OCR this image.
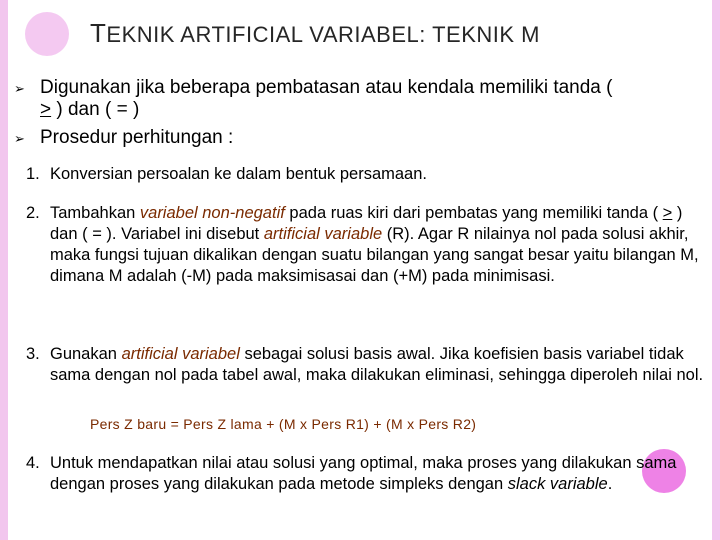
TEKNIK ARTIFICIAL VARIABEL: TEKNIK M
➢ Digunakan jika beberapa pembatasan atau kendala memiliki tanda (
> ) dan ( = )
➢ Prosedur perhitungan :
1. Konversian persoalan ke dalam bentuk persamaan.
2. Tambahkan variabel non-negatif pada ruas kiri dari pembatas yang memiliki tanda ( > ) dan ( = ). Variabel ini disebut artificial variable (R). Agar R nilainya nol pada solusi akhir, maka fungsi tujuan dikalikan dengan suatu bilangan yang sangat besar yaitu bilangan M, dimana M adalah (-M) pada maksimisasai dan (+M) pada minimisasi.
3. Gunakan artificial variabel sebagai solusi basis awal. Jika koefisien basis variabel tidak sama dengan nol pada tabel awal, maka dilakukan eliminasi, sehingga diperoleh nilai nol.
Pers Z baru = Pers Z lama + (M x Pers R1) + (M x Pers R2)
4. Untuk mendapatkan nilai atau solusi yang optimal, maka proses yang dilakukan sama dengan proses yang dilakukan pada metode simpleks dengan slack variable.
